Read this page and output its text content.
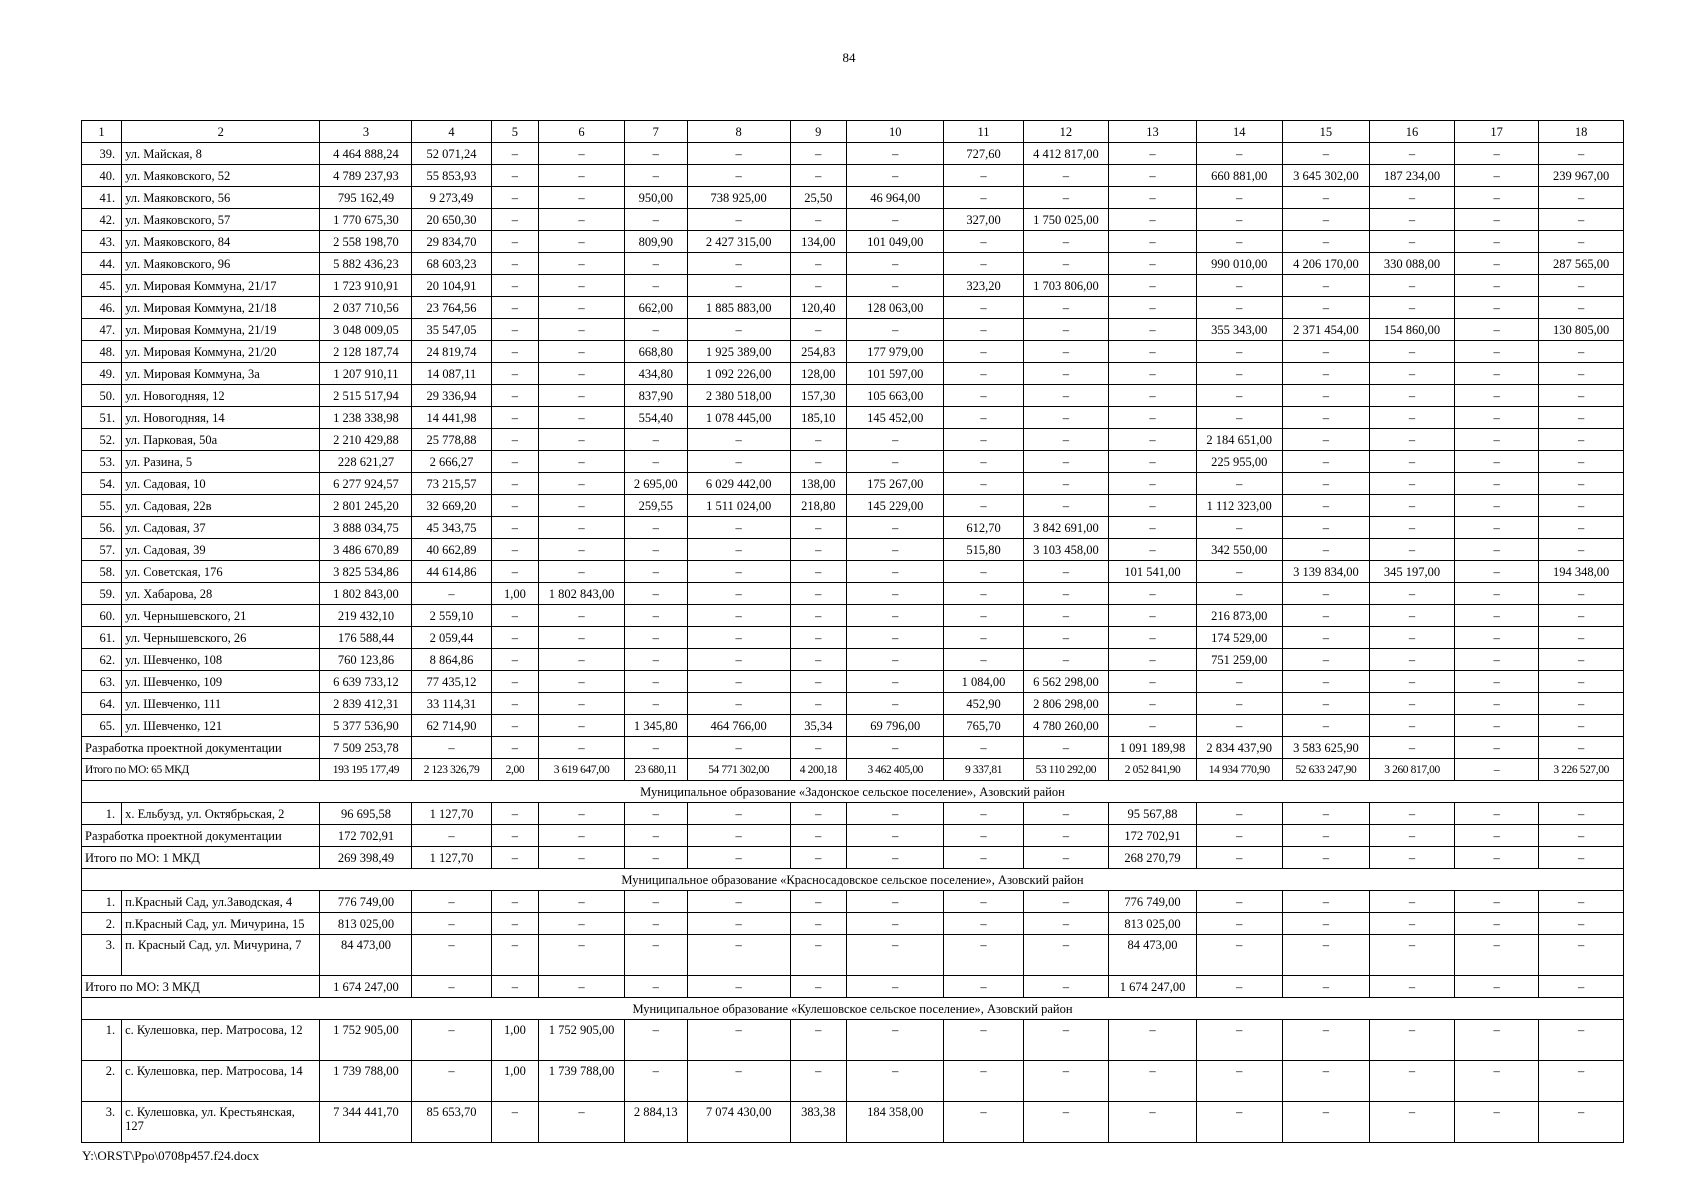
84
1	2	3	4	5	6	7	8	9	10	11	12	13	14	15	16	17	18
39.	ул. Майская, 8	4 464 888,24	52 071,24	–	–	–	–	–	–	727,60	4 412 817,00	–	–	–	–	–	–
40.	ул. Маяковского, 52	4 789 237,93	55 853,93	–	–	–	–	–	–	–	–	–	660 881,00	3 645 302,00	187 234,00	–	239 967,00
41.	ул. Маяковского, 56	795 162,49	9 273,49	–	–	950,00	738 925,00	25,50	46 964,00	–	–	–	–	–	–	–	–
42.	ул. Маяковского, 57	1 770 675,30	20 650,30	–	–	–	–	–	–	327,00	1 750 025,00	–	–	–	–	–	–
43.	ул. Маяковского, 84	2 558 198,70	29 834,70	–	–	809,90	2 427 315,00	134,00	101 049,00	–	–	–	–	–	–	–	–
44.	ул. Маяковского, 96	5 882 436,23	68 603,23	–	–	–	–	–	–	–	–	–	990 010,00	4 206 170,00	330 088,00	–	287 565,00
45.	ул. Мировая Коммуна, 21/17	1 723 910,91	20 104,91	–	–	–	–	–	–	323,20	1 703 806,00	–	–	–	–	–	–
46.	ул. Мировая Коммуна, 21/18	2 037 710,56	23 764,56	–	–	662,00	1 885 883,00	120,40	128 063,00	–	–	–	–	–	–	–	–
47.	ул. Мировая Коммуна, 21/19	3 048 009,05	35 547,05	–	–	–	–	–	–	–	–	–	355 343,00	2 371 454,00	154 860,00	–	130 805,00
48.	ул. Мировая Коммуна, 21/20	2 128 187,74	24 819,74	–	–	668,80	1 925 389,00	254,83	177 979,00	–	–	–	–	–	–	–	–
49.	ул. Мировая Коммуна, 3а	1 207 910,11	14 087,11	–	–	434,80	1 092 226,00	128,00	101 597,00	–	–	–	–	–	–	–	–
50.	ул. Новогодняя, 12	2 515 517,94	29 336,94	–	–	837,90	2 380 518,00	157,30	105 663,00	–	–	–	–	–	–	–	–
51.	ул. Новогодняя, 14	1 238 338,98	14 441,98	–	–	554,40	1 078 445,00	185,10	145 452,00	–	–	–	–	–	–	–	–
52.	ул. Парковая, 50а	2 210 429,88	25 778,88	–	–	–	–	–	–	–	–	–	2 184 651,00	–	–	–	–
53.	ул. Разина, 5	228 621,27	2 666,27	–	–	–	–	–	–	–	–	–	225 955,00	–	–	–	–
54.	ул. Садовая, 10	6 277 924,57	73 215,57	–	–	2 695,00	6 029 442,00	138,00	175 267,00	–	–	–	–	–	–	–	–
55.	ул. Садовая, 22в	2 801 245,20	32 669,20	–	–	259,55	1 511 024,00	218,80	145 229,00	–	–	–	1 112 323,00	–	–	–	–
56.	ул. Садовая, 37	3 888 034,75	45 343,75	–	–	–	–	–	–	612,70	3 842 691,00	–	–	–	–	–	–
57.	ул. Садовая, 39	3 486 670,89	40 662,89	–	–	–	–	–	–	515,80	3 103 458,00	–	342 550,00	–	–	–	–
58.	ул. Советская, 176	3 825 534,86	44 614,86	–	–	–	–	–	–	–	–	101 541,00	–	3 139 834,00	345 197,00	–	194 348,00
59.	ул. Хабарова, 28	1 802 843,00	–	1,00	1 802 843,00	–	–	–	–	–	–	–	–	–	–	–	–
60.	ул. Чернышевского, 21	219 432,10	2 559,10	–	–	–	–	–	–	–	–	–	216 873,00	–	–	–	–
61.	ул. Чернышевского, 26	176 588,44	2 059,44	–	–	–	–	–	–	–	–	–	174 529,00	–	–	–	–
62.	ул. Шевченко, 108	760 123,86	8 864,86	–	–	–	–	–	–	–	–	–	751 259,00	–	–	–	–
63.	ул. Шевченко, 109	6 639 733,12	77 435,12	–	–	–	–	–	–	1 084,00	6 562 298,00	–	–	–	–	–	–
64.	ул. Шевченко, 111	2 839 412,31	33 114,31	–	–	–	–	–	–	452,90	2 806 298,00	–	–	–	–	–	–
65.	ул. Шевченко, 121	5 377 536,90	62 714,90	–	–	1 345,80	464 766,00	35,34	69 796,00	765,70	4 780 260,00	–	–	–	–	–	–
Разработка проектной документации		7 509 253,78	–	–	–	–	–	–	–	–	–	1 091 189,98	2 834 437,90	3 583 625,90	–	–	–
Итого по МО: 65 МКД		193 195 177,49	2 123 326,79	2,00	3 619 647,00	23 680,11	54 771 302,00	4 200,18	3 462 405,00	9 337,81	53 110 292,00	2 052 841,90	14 934 770,90	52 633 247,90	3 260 817,00	–	3 226 527,00
Муниципальное образование «Задонское сельское поселение», Азовский район																	
1.	х. Ельбузд, ул. Октябрьская, 2	96 695,58	1 127,70	–	–	–	–	–	–	–	–	95 567,88	–	–	–	–	–
Разработка проектной документации		172 702,91	–	–	–	–	–	–	–	–	–	172 702,91	–	–	–	–	–
Итого по МО: 1 МКД		269 398,49	1 127,70	–	–	–	–	–	–	–	–	268 270,79	–	–	–	–	–
Муниципальное образование «Красносадовское сельское поселение», Азовский район																	
1.	п.Красный Сад, ул.Заводская, 4	776 749,00	–	–	–	–	–	–	–	–	–	776 749,00	–	–	–	–	–
2.	п.Красный Сад, ул. Мичурина, 15	813 025,00	–	–	–	–	–	–	–	–	–	813 025,00	–	–	–	–	–
3.	п. Красный Сад, ул. Мичурина, 7	84 473,00	–	–	–	–	–	–	–	–	–	84 473,00	–	–	–	–	–
Итого по МО: 3 МКД		1 674 247,00	–	–	–	–	–	–	–	–	–	1 674 247,00	–	–	–	–	–
Муниципальное образование «Кулешовское сельское поселение», Азовский район																	
1.	с. Кулешовка, пер. Матросова, 12	1 752 905,00	–	1,00	1 752 905,00	–	–	–	–	–	–	–	–	–	–	–	–
2.	с. Кулешовка, пер. Матросова, 14	1 739 788,00	–	1,00	1 739 788,00	–	–	–	–	–	–	–	–	–	–	–	–
3.	с. Кулешовка, ул. Крестьянская, 127	7 344 441,70	85 653,70	–	–	2 884,13	7 074 430,00	383,38	184 358,00	–	–	–	–	–	–	–	–
Y:\ORST\Ppo\0708p457.f24.docx
